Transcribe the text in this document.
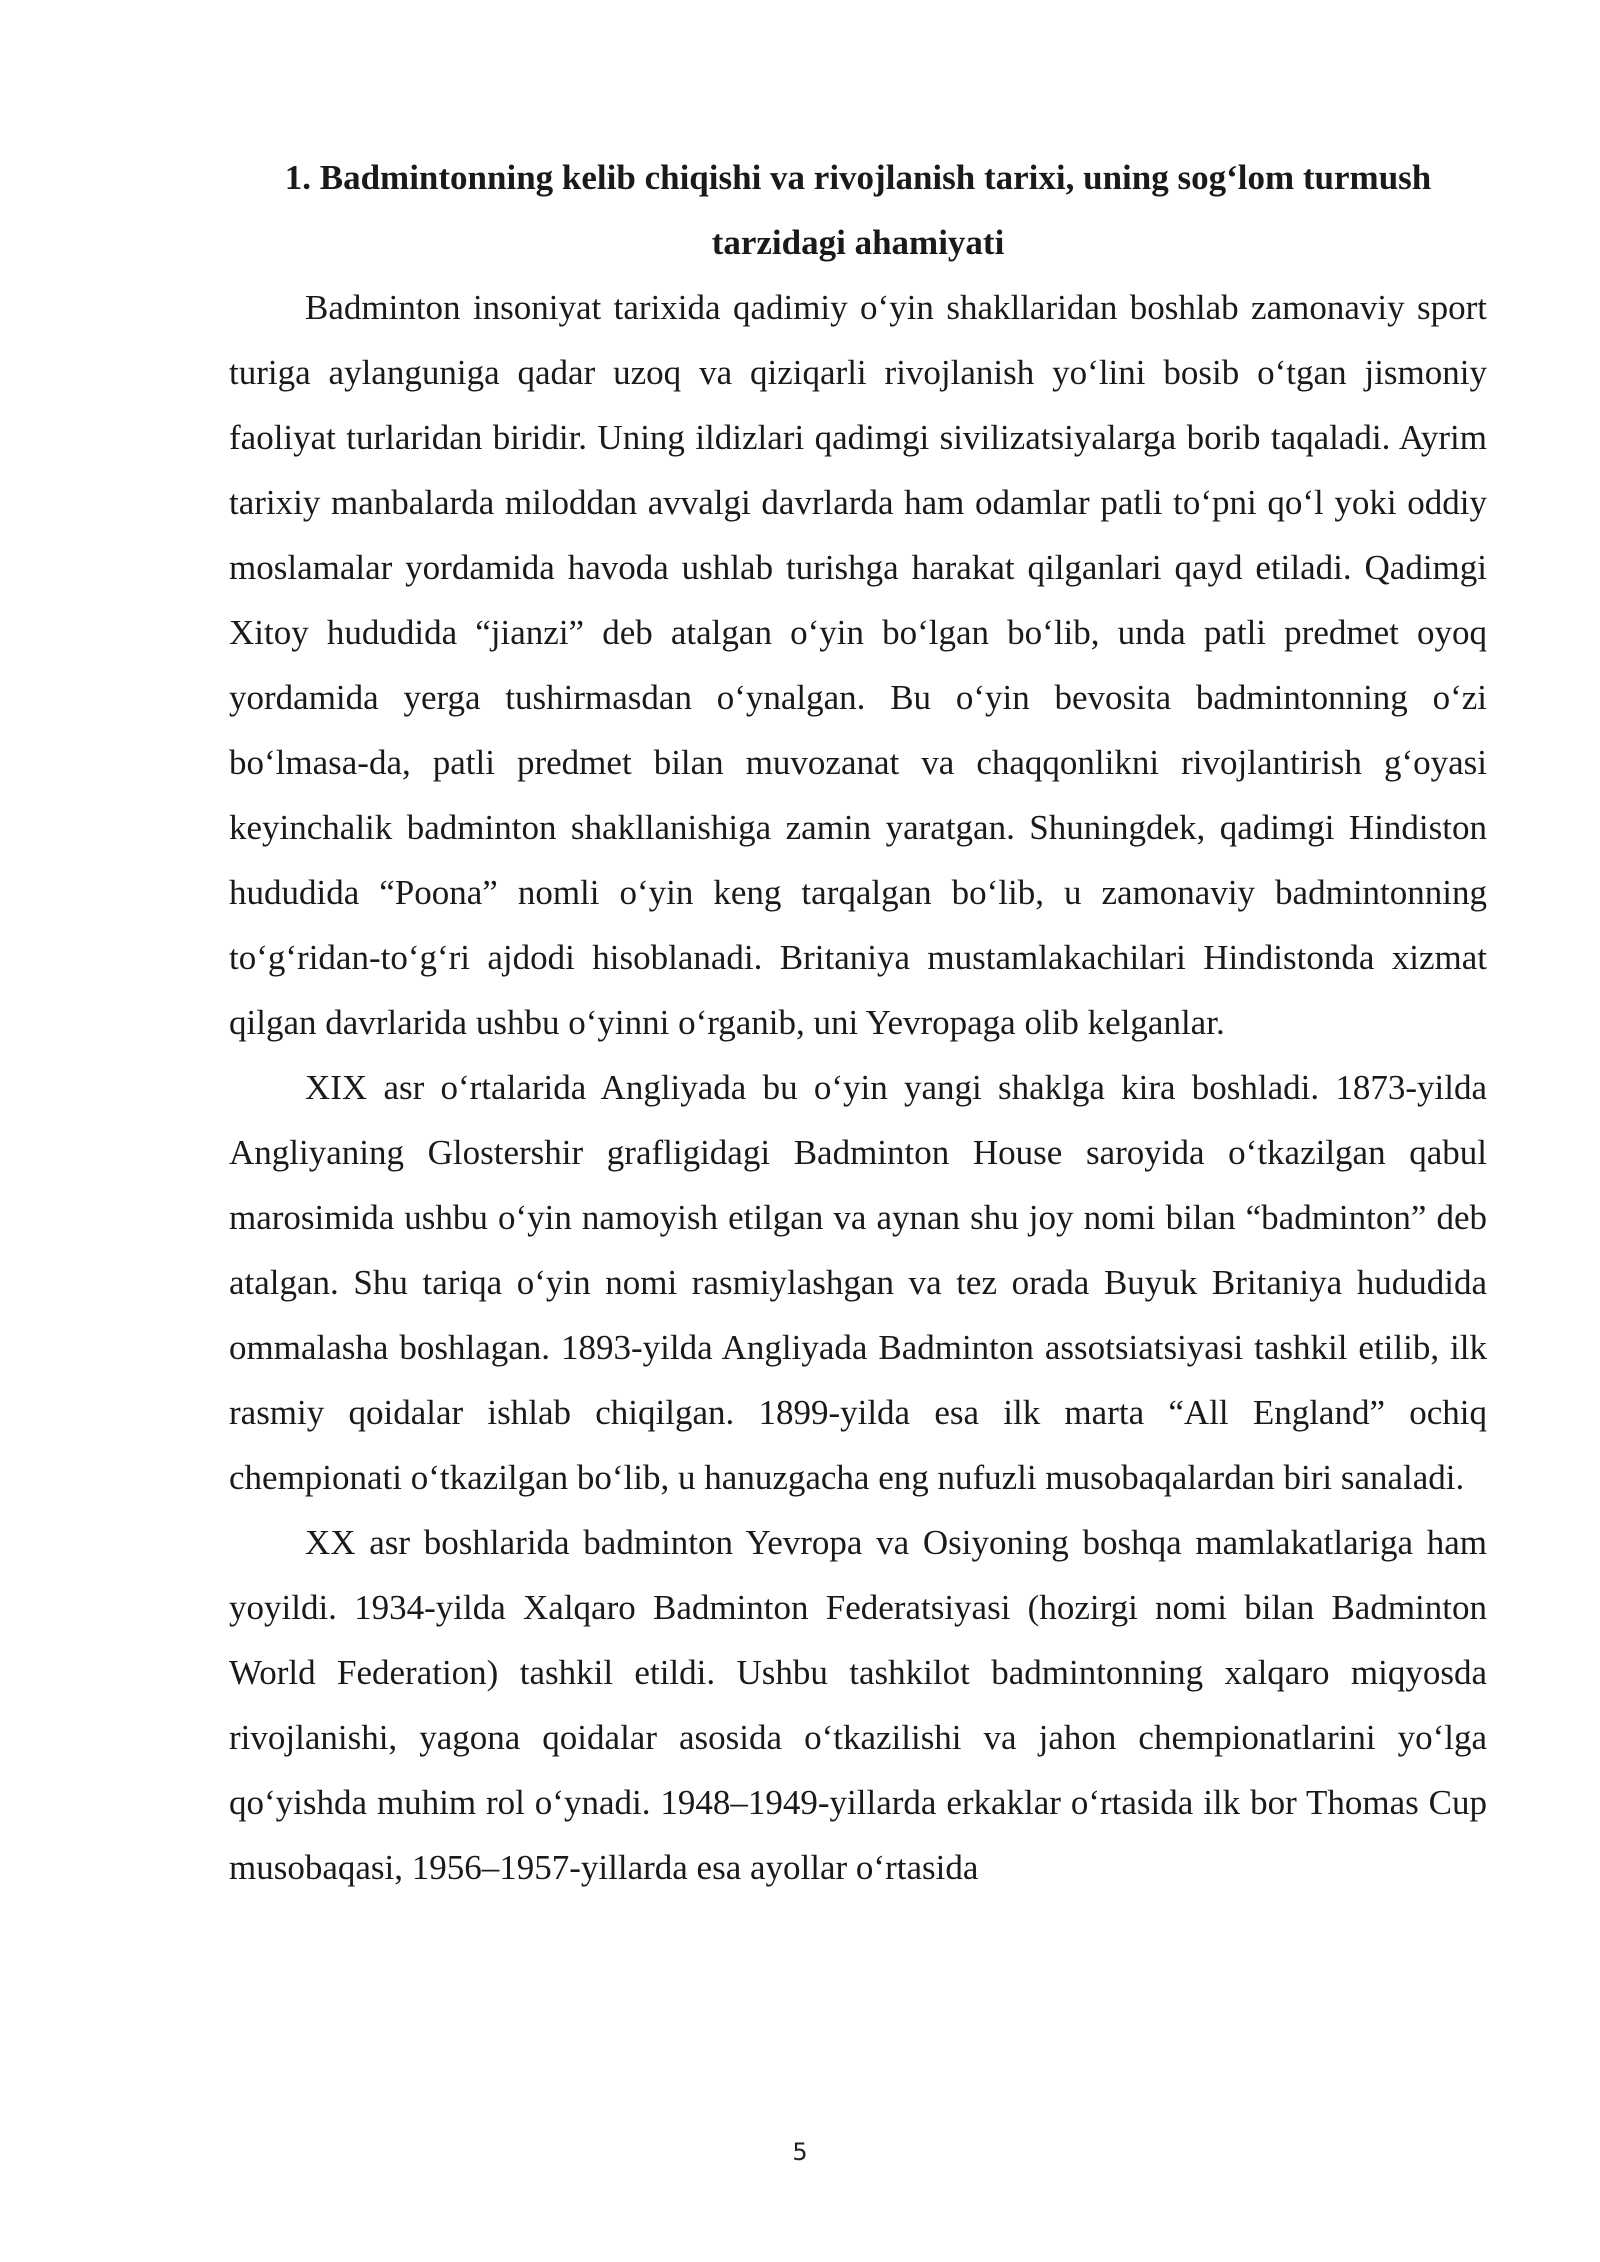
1. Badmintonning kelib chiqishi va rivojlanish tarixi, uning sog‘lom turmush tarzidagi ahamiyati

Badminton insoniyat tarixida qadimiy o‘yin shakllaridan boshlab zamonaviy sport turiga aylanguniga qadar uzoq va qiziqarli rivojlanish yo‘lini bosib o‘tgan jismoniy faoliyat turlaridan biridir. Uning ildizlari qadimgi sivilizatsiyalarga borib taqaladi. Ayrim tarixiy manbalarda miloddan avvalgi davrlarda ham odamlar patli to‘pni qo‘l yoki oddiy moslamalar yordamida havoda ushlab turishga harakat qilganlari qayd etiladi. Qadimgi Xitoy hududida “jianzi” deb atalgan o‘yin bo‘lgan bo‘lib, unda patli predmet oyoq yordamida yerga tushirmasdan o‘ynalgan. Bu o‘yin bevosita badmintonning o‘zi bo‘lmasa-da, patli predmet bilan muvozanat va chaqqonlikni rivojlantirish g‘oyasi keyinchalik badminton shakllanishiga zamin yaratgan. Shuningdek, qadimgi Hindiston hududida “Poona” nomli o‘yin keng tarqalgan bo‘lib, u zamonaviy badmintonning to‘g‘ridan-to‘g‘ri ajdodi hisoblanadi. Britaniya mustamlakachilari Hindistonda xizmat qilgan davrlarida ushbu o‘yinni o‘rganib, uni Yevropaga olib kelganlar.

XIX asr o‘rtalarida Angliyada bu o‘yin yangi shaklga kira boshladi. 1873-yilda Angliyaning Glostershir grafligidagi Badminton House saroyida o‘tkazilgan qabul marosimida ushbu o‘yin namoyish etilgan va aynan shu joy nomi bilan “badminton” deb atalgan. Shu tariqa o‘yin nomi rasmiylashgan va tez orada Buyuk Britaniya hududida ommalasha boshlagan. 1893-yilda Angliyada Badminton assotsiatsiyasi tashkil etilib, ilk rasmiy qoidalar ishlab chiqilgan. 1899-yilda esa ilk marta “All England” ochiq chempionati o‘tkazilgan bo‘lib, u hanuzgacha eng nufuzli musobaqalardan biri sanaladi.

XX asr boshlarida badminton Yevropa va Osiyoning boshqa mamlakatlariga ham yoyildi. 1934-yilda Xalqaro Badminton Federatsiyasi (hozirgi nomi bilan Badminton World Federation) tashkil etildi. Ushbu tashkilot badmintonning xalqaro miqyosda rivojlanishi, yagona qoidalar asosida o‘tkazilishi va jahon chempionatlarini yo‘lga qo‘yishda muhim rol o‘ynadi. 1948–1949-yillarda erkaklar o‘rtasida ilk bor Thomas Cup musobaqasi, 1956–1957-yillarda esa ayollar o‘rtasida

5
